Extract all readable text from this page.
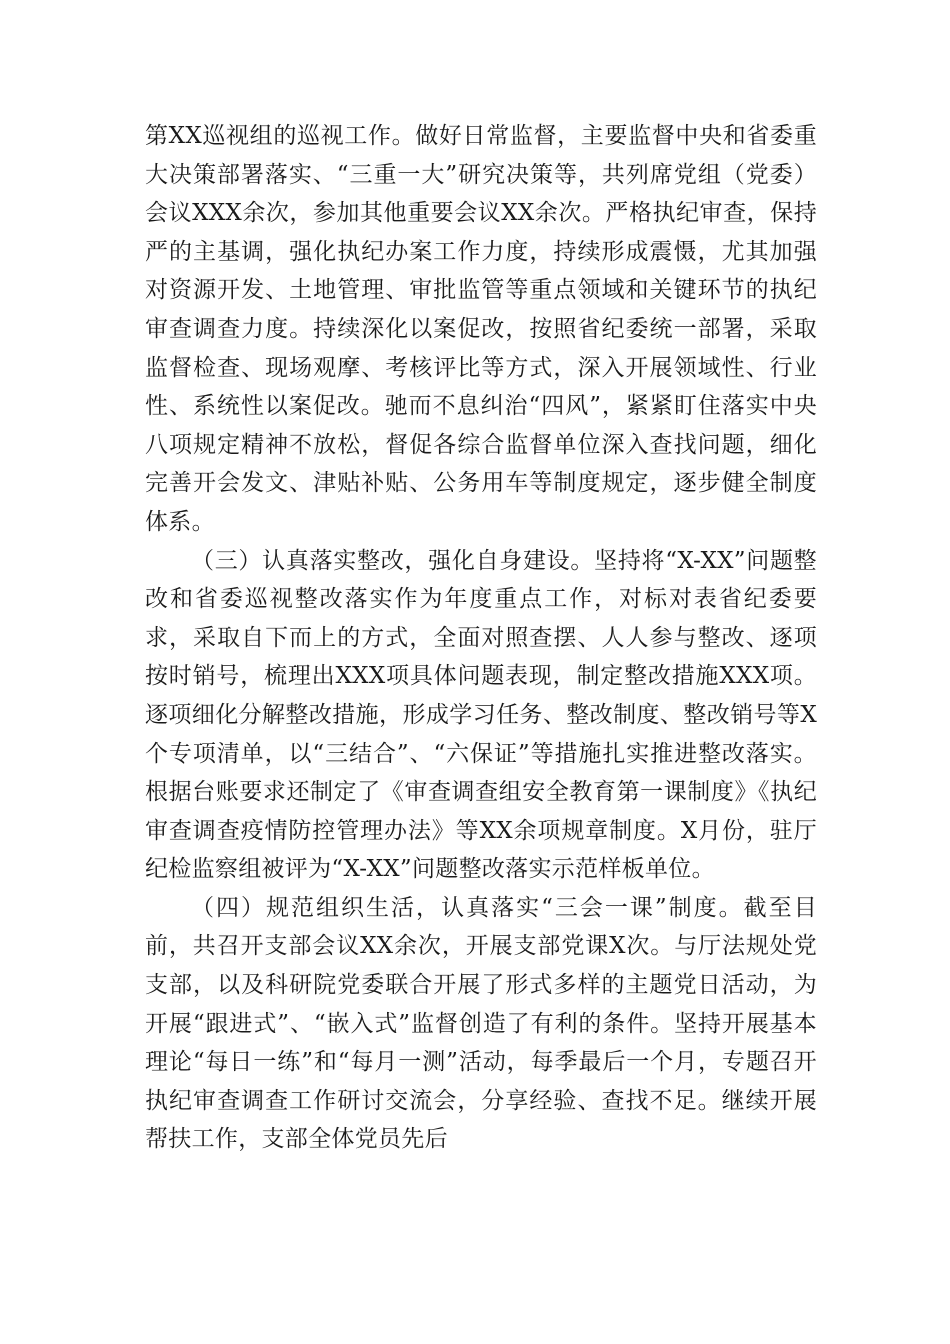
第XX巡视组的巡视工作。做好日常监督，主要监督中央和省委重大决策部署落实、“三重一大”研究决策等，共列席党组（党委）会议XXX余次，参加其他重要会议XX余次。严格执纪审查，保持严的主基调，强化执纪办案工作力度，持续形成震慑，尤其加强对资源开发、土地管理、审批监管等重点领域和关键环节的执纪审查调查力度。持续深化以案促改，按照省纪委统一部署，采取监督检查、现场观摩、考核评比等方式，深入开展领域性、行业性、系统性以案促改。驰而不息纠治“四风”，紧紧盯住落实中央八项规定精神不放松，督促各综合监督单位深入查找问题，细化完善开会发文、津贴补贴、公务用车等制度规定，逐步健全制度体系。

（三）认真落实整改，强化自身建设。坚持将“X-XX”问题整改和省委巡视整改落实作为年度重点工作，对标对表省纪委要求，采取自下而上的方式，全面对照查摆、人人参与整改、逐项按时销号，梳理出XXX项具体问题表现，制定整改措施XXX项。逐项细化分解整改措施，形成学习任务、整改制度、整改销号等X个专项清单，以“三结合”、“六保证”等措施扎实推进整改落实。根据台账要求还制定了《审查调查组安全教育第一课制度》《执纪审查调查疫情防控管理办法》等XX余项规章制度。X月份，驻厅纪检监察组被评为“X-XX”问题整改落实示范样板单位。

（四）规范组织生活，认真落实“三会一课”制度。截至目前，共召开支部会议XX余次，开展支部党课X次。与厅法规处党支部，以及科研院党委联合开展了形式多样的主题党日活动，为开展“跟进式”、“嵌入式”监督创造了有利的条件。坚持开展基本理论“每日一练”和“每月一测”活动，每季最后一个月，专题召开执纪审查调查工作研讨交流会，分享经验、查找不足。继续开展帮扶工作，支部全体党员先后
